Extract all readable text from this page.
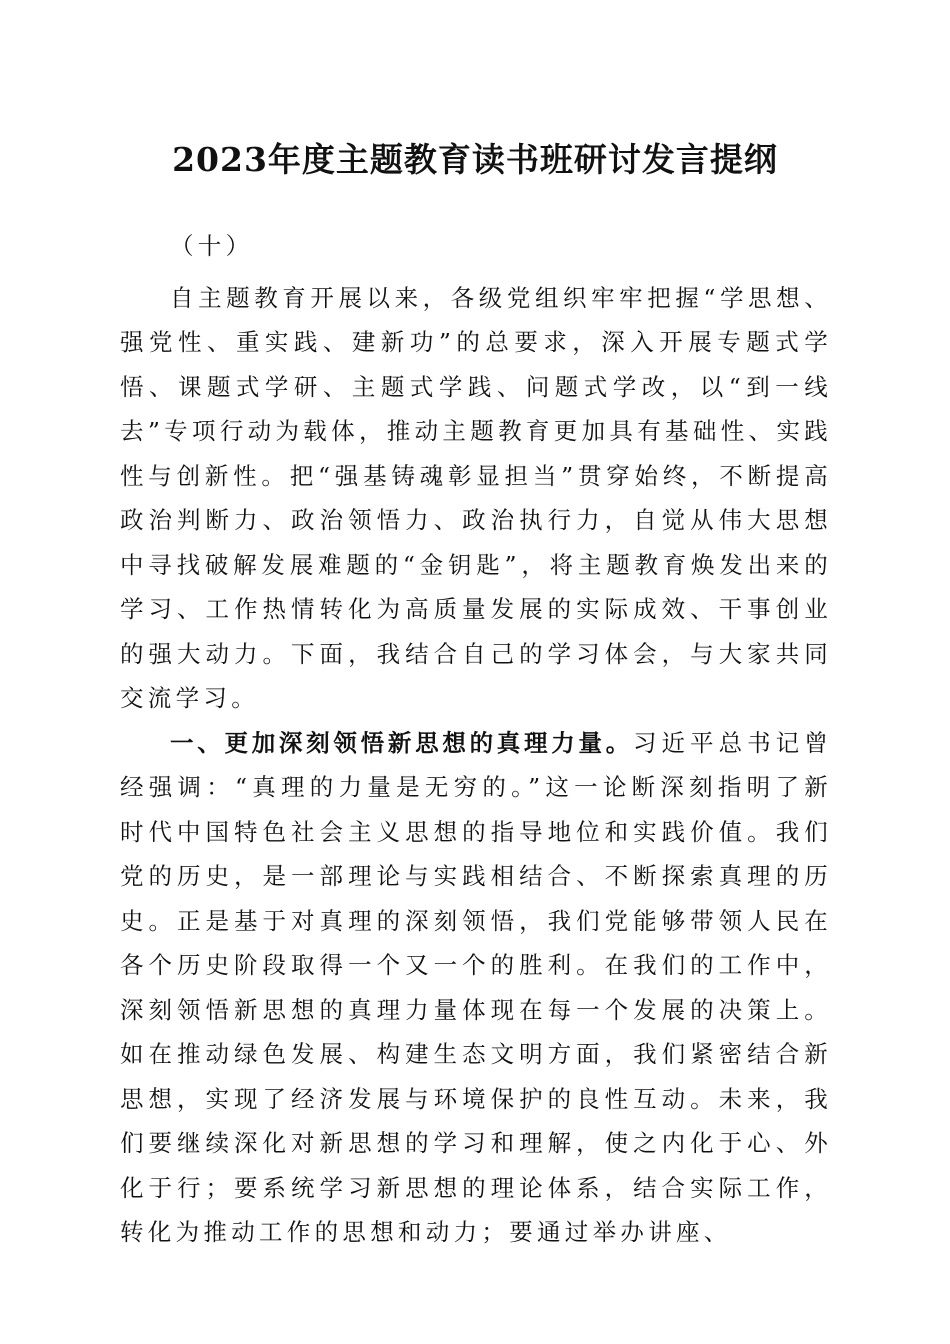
2023年度主题教育读书班研讨发言提纲

（十）

自主题教育开展以来，各级党组织牢牢把握“学思想、强党性、重实践、建新功”的总要求，深入开展专题式学悟、课题式学研、主题式学践、问题式学改，以“到一线去”专项行动为载体，推动主题教育更加具有基础性、实践性与创新性。把“强基铸魂彰显担当”贯穿始终，不断提高政治判断力、政治领悟力、政治执行力，自觉从伟大思想中寻找破解发展难题的“金钥匙”，将主题教育焕发出来的学习、工作热情转化为高质量发展的实际成效、干事创业的强大动力。下面，我结合自己的学习体会，与大家共同交流学习。

一、更加深刻领悟新思想的真理力量。习近平总书记曾经强调：“真理的力量是无穷的。”这一论断深刻指明了新时代中国特色社会主义思想的指导地位和实践价值。我们党的历史，是一部理论与实践相结合、不断探索真理的历史。正是基于对真理的深刻领悟，我们党能够带领人民在各个历史阶段取得一个又一个的胜利。在我们的工作中，深刻领悟新思想的真理力量体现在每一个发展的决策上。如在推动绿色发展、构建生态文明方面，我们紧密结合新思想，实现了经济发展与环境保护的良性互动。未来，我们要继续深化对新思想的学习和理解，使之内化于心、外化于行；要系统学习新思想的理论体系，结合实际工作，转化为推动工作的思想和动力；要通过举办讲座、
